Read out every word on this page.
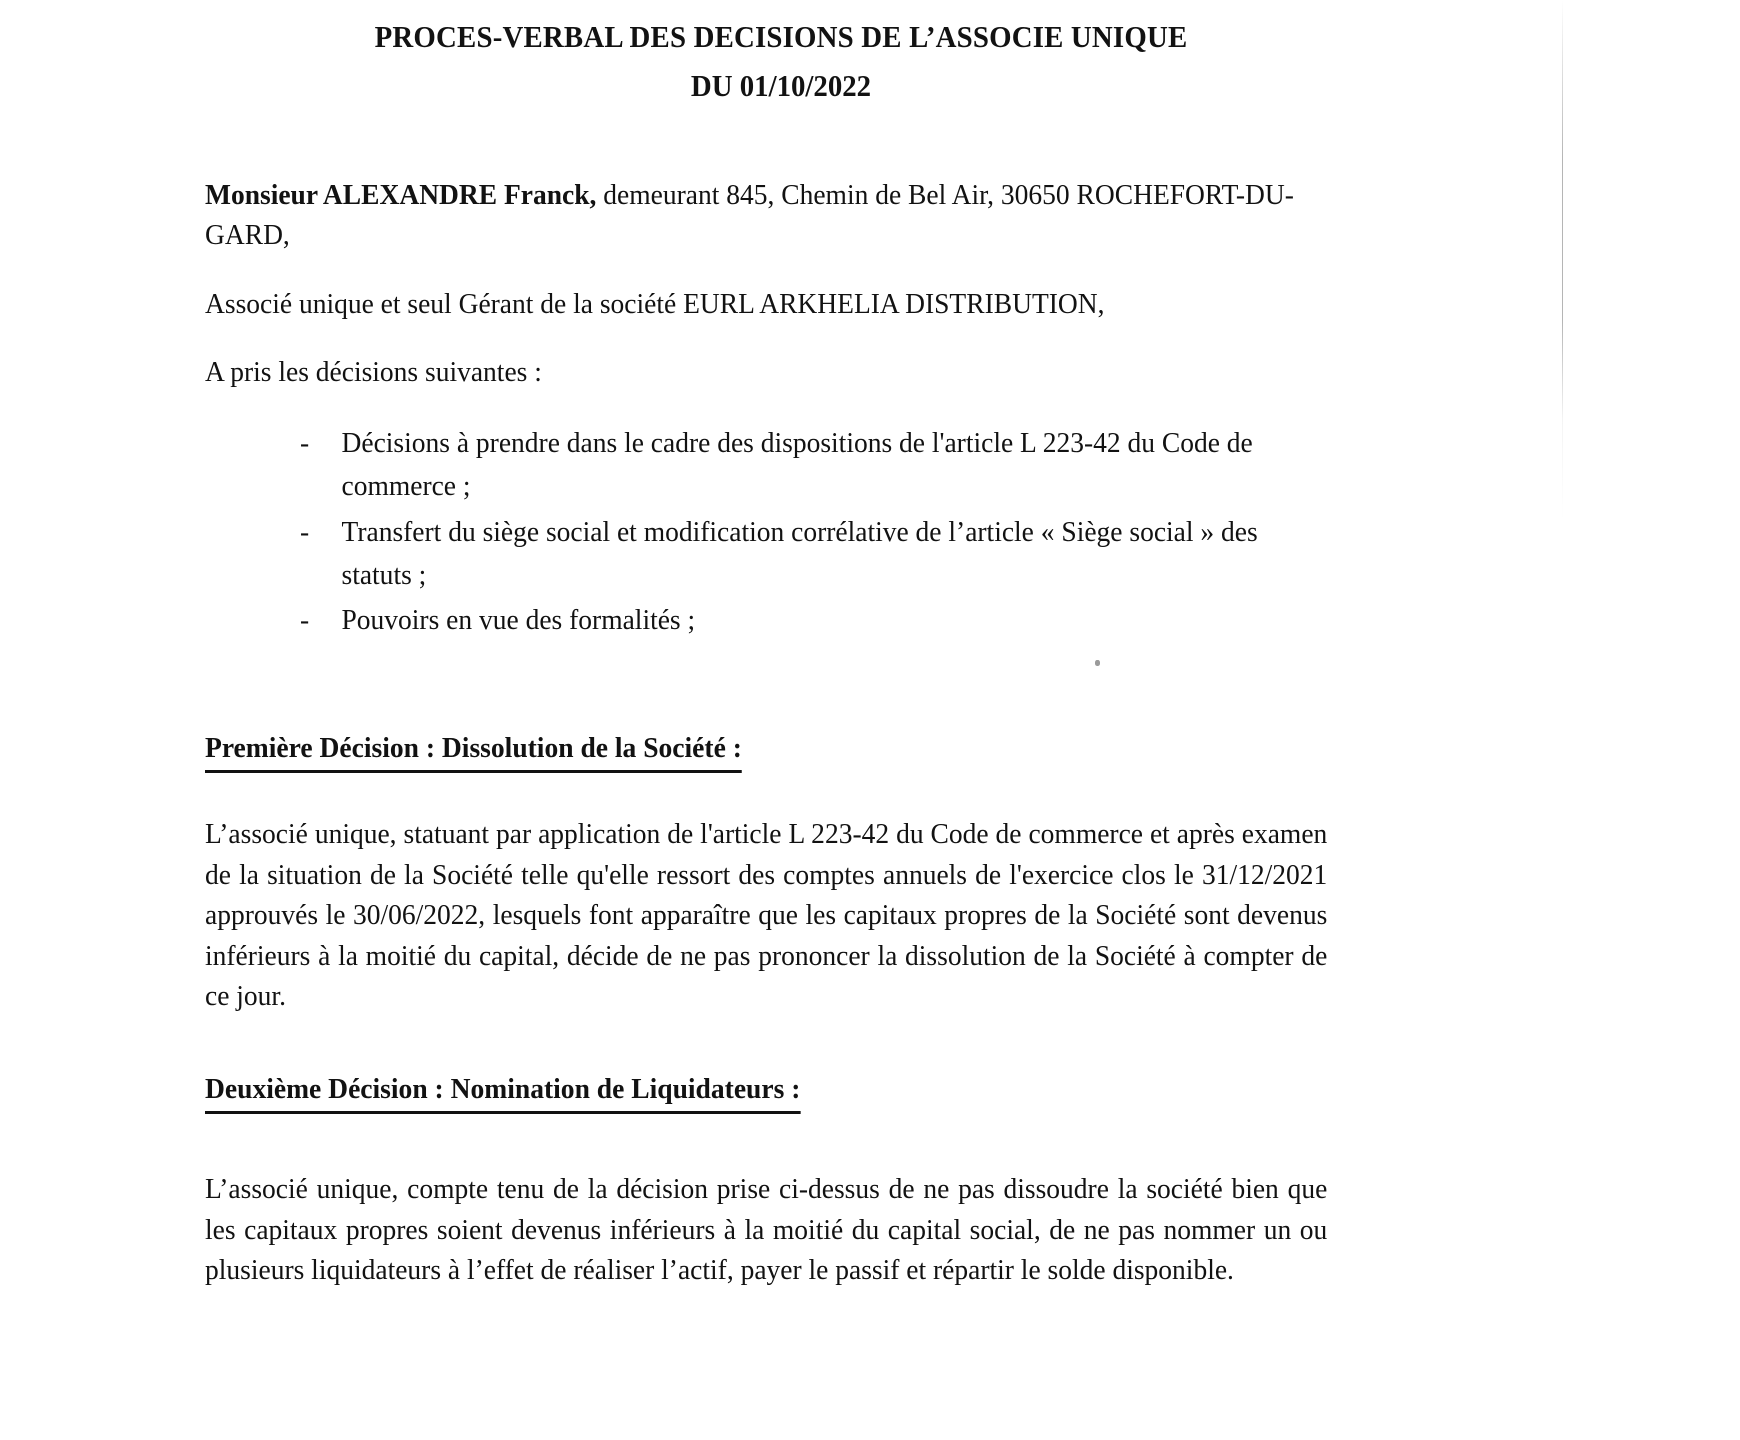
PROCES-VERBAL DES DECISIONS DE L’ASSOCIE UNIQUE
DU 01/10/2022

Monsieur ALEXANDRE Franck, demeurant 845, Chemin de Bel Air, 30650 ROCHEFORT-DU-GARD,

Associé unique et seul Gérant de la société EURL ARKHELIA DISTRIBUTION,

A pris les décisions suivantes :

- Décisions à prendre dans le cadre des dispositions de l'article L 223-42 du Code de commerce ;
- Transfert du siège social et modification corrélative de l’article « Siège social » des statuts ;
- Pouvoirs en vue des formalités ;
Première Décision : Dissolution de la Société :

L’associé unique, statuant par application de l'article L 223-42 du Code de commerce et après examen de la situation de la Société telle qu'elle ressort des comptes annuels de l'exercice clos le 31/12/2021 approuvés le 30/06/2022, lesquels font apparaître que les capitaux propres de la Société sont devenus inférieurs à la moitié du capital, décide de ne pas prononcer la dissolution de la Société à compter de ce jour.

Deuxième Décision : Nomination de Liquidateurs :

L’associé unique, compte tenu de la décision prise ci-dessus de ne pas dissoudre la société bien que les capitaux propres soient devenus inférieurs à la moitié du capital social, de ne pas nommer un ou plusieurs liquidateurs à l’effet de réaliser l’actif, payer le passif et répartir le solde disponible.
